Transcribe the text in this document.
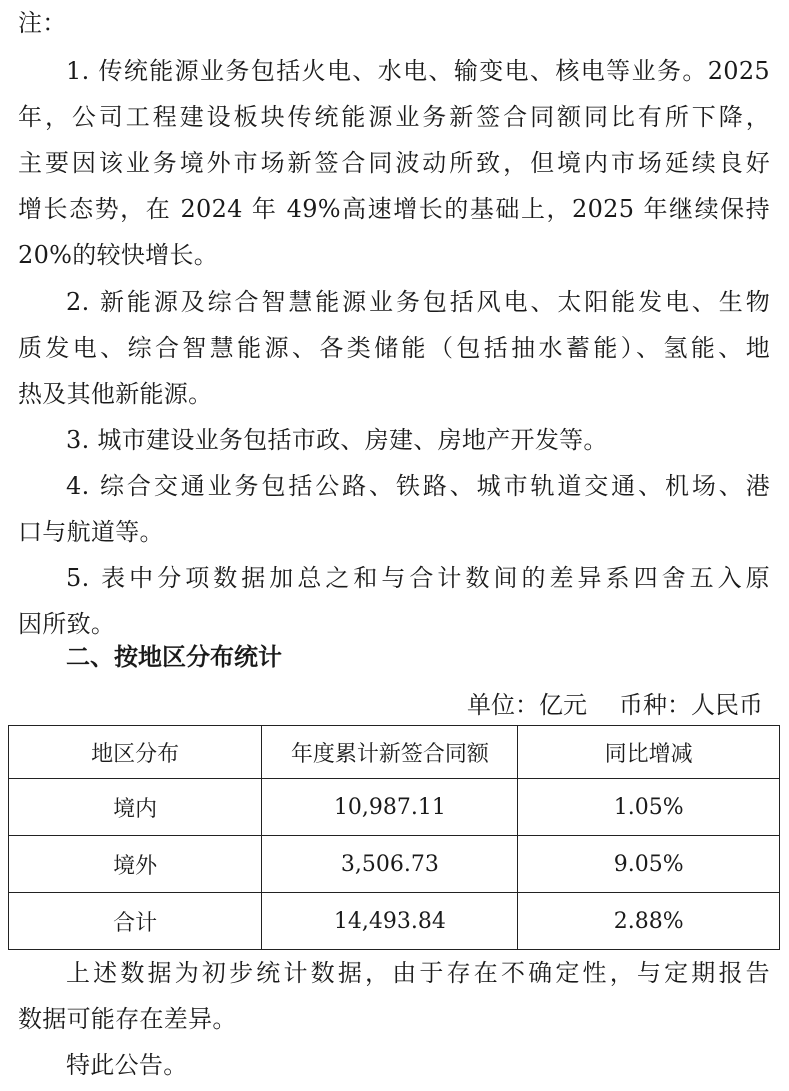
注：
1. 传统能源业务包括火电、水电、输变电、核电等业务。2025
年，公司工程建设板块传统能源业务新签合同额同比有所下降，
主要因该业务境外市场新签合同波动所致，但境内市场延续良好
增长态势，在 2024 年 49%高速增长的基础上，2025 年继续保持
20%的较快增长。
2. 新能源及综合智慧能源业务包括风电、太阳能发电、生物
质发电、综合智慧能源、各类储能（包括抽水蓄能）、氢能、地
热及其他新能源。
3. 城市建设业务包括市政、房建、房地产开发等。
4. 综合交通业务包括公路、铁路、城市轨道交通、机场、港
口与航道等。
5. 表中分项数据加总之和与合计数间的差异系四舍五入原
因所致。
二、按地区分布统计
单位：亿元 币种：人民币
地区分布	年度累计新签合同额	同比增减
境内	10,987.11	1.05%
境外	3,506.73	9.05%
合计	14,493.84	2.88%
上述数据为初步统计数据，由于存在不确定性，与定期报告
数据可能存在差异。
特此公告。
